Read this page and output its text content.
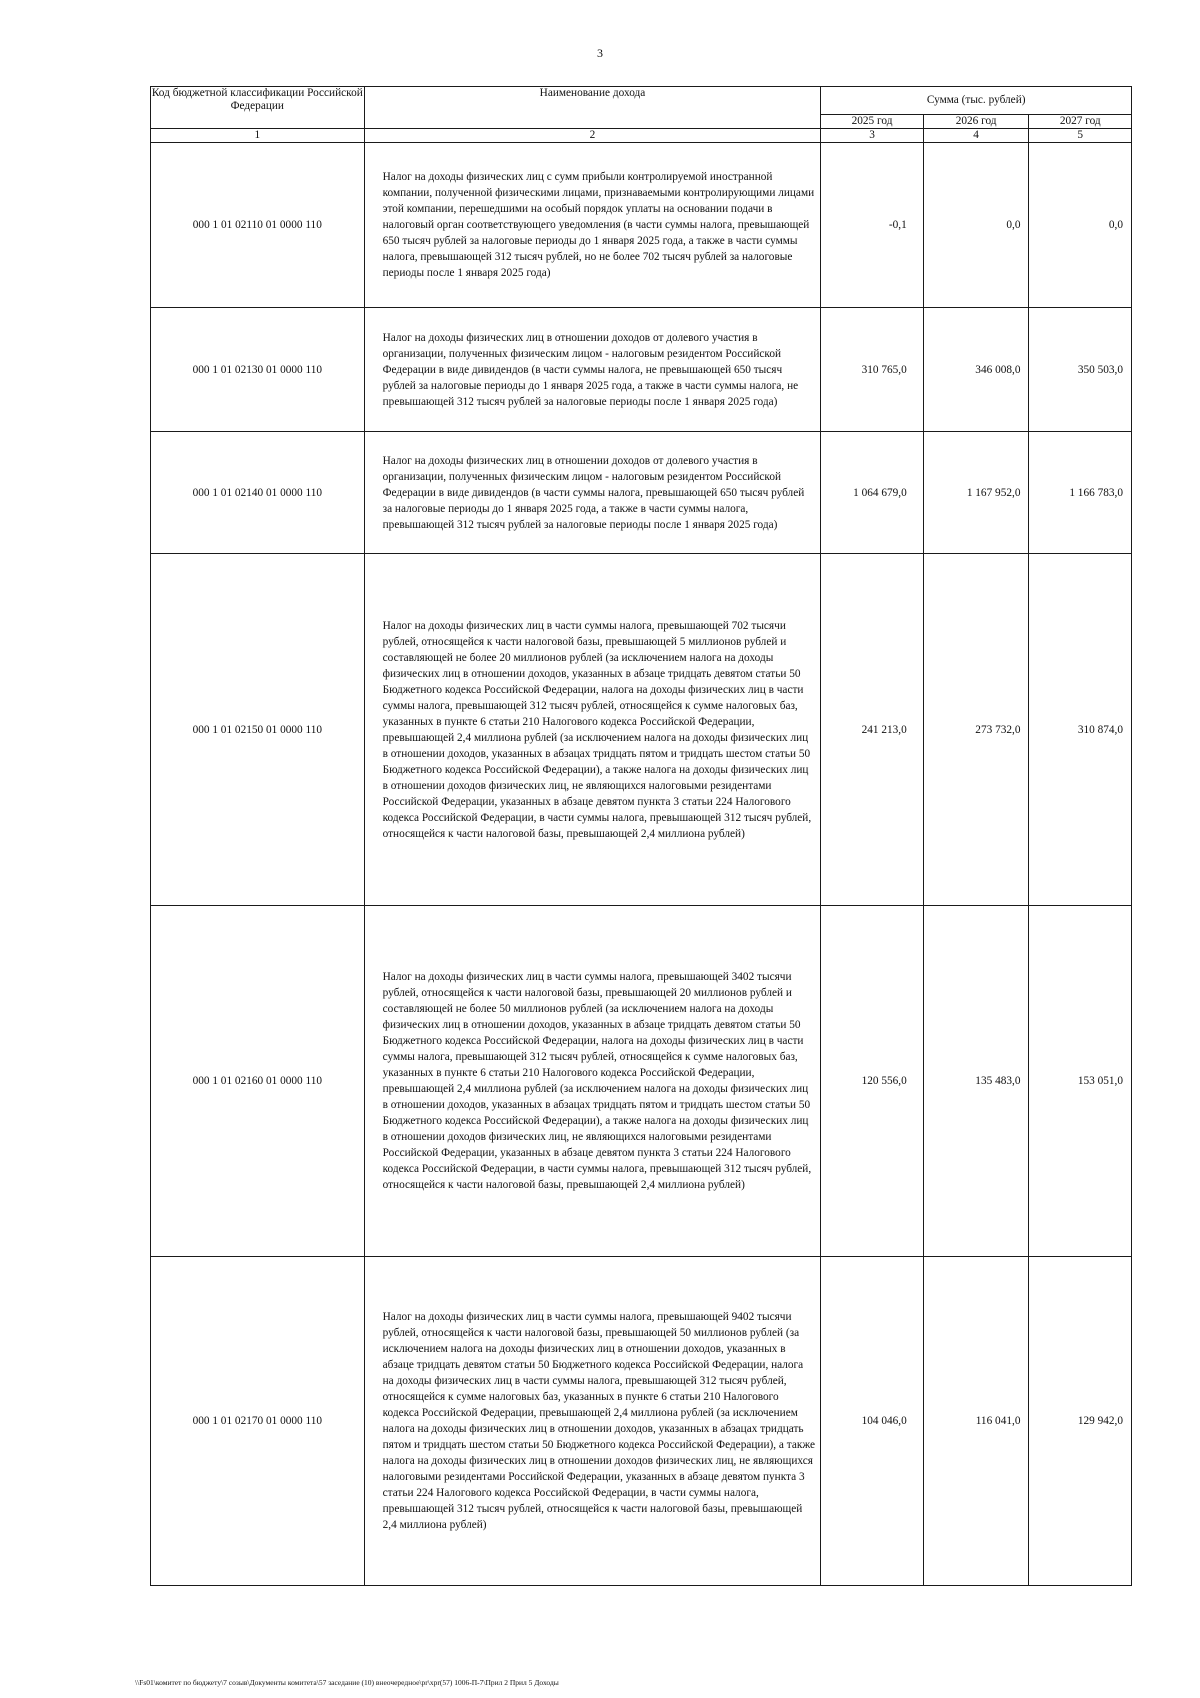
3
Код бюджетной классификации Российской Федерации	Наименование дохода	Сумма (тыс. рублей)		
		2025 год	2026 год	2027 год
1	2	3	4	5
000 1 01 02110 01 0000 110	Налог на доходы физических лиц с сумм прибыли контролируемой иностранной компании, полученной физическими лицами, признаваемыми контролирующими лицами этой компании, перешедшими на особый порядок уплаты на основании подачи в налоговый орган соответствующего уведомления (в части суммы налога, превышающей 650 тысяч рублей за налоговые периоды до 1 января 2025 года, а также в части суммы налога, превышающей 312 тысяч рублей, но не более 702 тысяч рублей за налоговые периоды после 1 января 2025 года)	-0,1	0,0	0,0
000 1 01 02130 01 0000 110	Налог на доходы физических лиц в отношении доходов от долевого участия в организации, полученных физическим лицом - налоговым резидентом Российской Федерации в виде дивидендов (в части суммы налога, не превышающей 650 тысяч рублей за налоговые периоды до 1 января 2025 года, а также в части суммы налога, не превышающей 312 тысяч рублей за налоговые периоды после 1 января 2025 года)	310 765,0	346 008,0	350 503,0
000 1 01 02140 01 0000 110	Налог на доходы физических лиц в отношении доходов от долевого участия в организации, полученных физическим лицом - налоговым резидентом Российской Федерации в виде дивидендов (в части суммы налога, превышающей 650 тысяч рублей за налоговые периоды до 1 января 2025 года, а также в части суммы налога, превышающей 312 тысяч рублей за налоговые периоды после 1 января 2025 года)	1 064 679,0	1 167 952,0	1 166 783,0
000 1 01 02150 01 0000 110	Налог на доходы физических лиц в части суммы налога, превышающей 702 тысячи рублей, относящейся к части налоговой базы, превышающей 5 миллионов рублей и составляющей не более 20 миллионов рублей (за исключением налога на доходы физических лиц в отношении доходов, указанных в абзаце тридцать девятом статьи 50 Бюджетного кодекса Российской Федерации, налога на доходы физических лиц в части суммы налога, превышающей 312 тысяч рублей, относящейся к сумме налоговых баз, указанных в пункте 6 статьи 210 Налогового кодекса Российской Федерации, превышающей 2,4 миллиона рублей (за исключением налога на доходы физических лиц в отношении доходов, указанных в абзацах тридцать пятом и тридцать шестом статьи 50 Бюджетного кодекса Российской Федерации), а также налога на доходы физических лиц в отношении доходов физических лиц, не являющихся налоговыми резидентами Российской Федерации, указанных в абзаце девятом пункта 3 статьи 224 Налогового кодекса Российской Федерации, в части суммы налога, превышающей 312 тысяч рублей, относящейся к части налоговой базы, превышающей 2,4 миллиона рублей)	241 213,0	273 732,0	310 874,0
000 1 01 02160 01 0000 110	Налог на доходы физических лиц в части суммы налога, превышающей 3402 тысячи рублей, относящейся к части налоговой базы, превышающей 20 миллионов рублей и составляющей не более 50 миллионов рублей (за исключением налога на доходы физических лиц в отношении доходов, указанных в абзаце тридцать девятом статьи 50 Бюджетного кодекса Российской Федерации, налога на доходы физических лиц в части суммы налога, превышающей 312 тысяч рублей, относящейся к сумме налоговых баз, указанных в пункте 6 статьи 210 Налогового кодекса Российской Федерации, превышающей 2,4 миллиона рублей (за исключением налога на доходы физических лиц в отношении доходов, указанных в абзацах тридцать пятом и тридцать шестом статьи 50 Бюджетного кодекса Российской Федерации), а также налога на доходы физических лиц в отношении доходов физических лиц, не являющихся налоговыми резидентами Российской Федерации, указанных в абзаце девятом пункта 3 статьи 224 Налогового кодекса Российской Федерации, в части суммы налога, превышающей 312 тысяч рублей, относящейся к части налоговой базы, превышающей 2,4 миллиона рублей)	120 556,0	135 483,0	153 051,0
000 1 01 02170 01 0000 110	Налог на доходы физических лиц в части суммы налога, превышающей 9402 тысячи рублей, относящейся к части налоговой базы, превышающей 50 миллионов рублей (за исключением налога на доходы физических лиц в отношении доходов, указанных в абзаце тридцать девятом статьи 50 Бюджетного кодекса Российской Федерации, налога на доходы физических лиц в части суммы налога, превышающей 312 тысяч рублей, относящейся к сумме налоговых баз, указанных в пункте 6 статьи 210 Налогового кодекса Российской Федерации, превышающей 2,4 миллиона рублей (за исключением налога на доходы физических лиц в отношении доходов, указанных в абзацах тридцать пятом и тридцать шестом статьи 50 Бюджетного кодекса Российской Федерации), а также налога на доходы физических лиц в отношении доходов физических лиц, не являющихся налоговыми резидентами Российской Федерации, указанных в абзаце девятом пункта 3 статьи 224 Налогового кодекса Российской Федерации, в части суммы налога, превышающей 312 тысяч рублей, относящейся к части налоговой базы, превышающей 2,4 миллиона рублей)	104 046,0	116 041,0	129 942,0
\\Fs01\комитет по бюджету\7 созыв\Документы комитета\57 заседание (10) внеочередное\pr\xpr(57) 1006-П-7\Прил 2 Прил 5 Доходы
